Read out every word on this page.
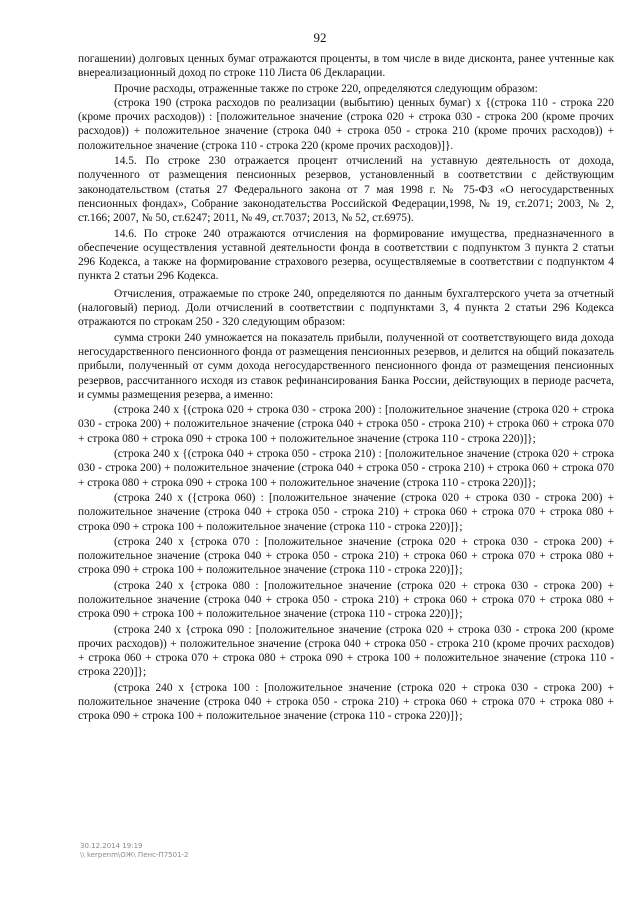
92

погашении) долговых ценных бумаг отражаются проценты, в том числе в виде дисконта, ранее учтенные как внереализационный доход по строке 110 Листа 06 Декларации.

Прочие расходы, отраженные также по строке 220, определяются следующим образом:

(строка 190 (строка расходов по реализации (выбытию) ценных бумаг) x {(строка 110 - строка 220 (кроме прочих расходов)) : [положительное значение (строка 020 + строка 030 - строка 200 (кроме прочих расходов)) + положительное значение (строка 040 + строка 050 - строка 210 (кроме прочих расходов)) + положительное значение (строка 110 - строка 220 (кроме прочих расходов)]}.

14.5. По строке 230 отражается процент отчислений на уставную деятельность от дохода, полученного от размещения пенсионных резервов, установленный в соответствии с действующим законодательством (статья 27 Федерального закона от 7 мая 1998 г. № 75-ФЗ «О негосударственных пенсионных фондах», Собрание законодательства Российской Федерации,1998, № 19, ст.2071; 2003, № 2, ст.166; 2007, № 50, ст.6247; 2011, № 49, ст.7037; 2013, № 52, ст.6975).

14.6. По строке 240 отражаются отчисления на формирование имущества, предназначенного в обеспечение осуществления уставной деятельности фонда в соответствии с подпунктом 3 пункта 2 статьи 296 Кодекса, а также на формирование страхового резерва, осуществляемые в соответствии с подпунктом 4 пункта 2 статьи 296 Кодекса.

Отчисления, отражаемые по строке 240, определяются по данным бухгалтерского учета за отчетный (налоговый) период. Доли отчислений в соответствии с подпунктами 3, 4 пункта 2 статьи 296 Кодекса отражаются по строкам 250 - 320 следующим образом:

сумма строки 240 умножается на показатель прибыли, полученной от соответствующего вида дохода негосударственного пенсионного фонда от размещения пенсионных резервов, и делится на общий показатель прибыли, полученный от сумм дохода негосударственного пенсионного фонда от размещения пенсионных резервов, рассчитанного исходя из ставок рефинансирования Банка России, действующих в периоде расчета, и суммы размещения резерва, а именно:

(строка 240 x {(строка 020 + строка 030 - строка 200) : [положительное значение (строка 020 + строка 030 - строка 200) + положительное значение (строка 040 + строка 050 - строка 210) + строка 060 + строка 070 + строка 080 + строка 090 + строка 100 + положительное значение (строка 110 - строка 220)]};

(строка 240 x {(строка 040 + строка 050 - строка 210) : [положительное значение (строка 020 + строка 030 - строка 200) + положительное значение (строка 040 + строка 050 - строка 210) + строка 060 + строка 070 + строка 080 + строка 090 + строка 100 + положительное значение (строка 110 - строка 220)]};

(строка 240 x ({строка 060) : [положительное значение (строка 020 + строка 030 - строка 200) + положительное значение (строка 040 + строка 050 - строка 210) + строка 060 + строка 070 + строка 080 + строка 090 + строка 100 + положительное значение (строка 110 - строка 220)]};

(строка 240 x {строка 070 : [положительное значение (строка 020 + строка 030 - строка 200) + положительное значение (строка 040 + строка 050 - строка 210) + строка 060 + строка 070 + строка 080 + строка 090 + строка 100 + положительное значение (строка 110 - строка 220)]};

(строка 240 x {строка 080 : [положительное значение (строка 020 + строка 030 - строка 200) + положительное значение (строка 040 + строка 050 - строка 210) + строка 060 + строка 070 + строка 080 + строка 090 + строка 100 + положительное значение (строка 110 - строка 220)]};

(строка 240 x {строка 090 : [положительное значение (строка 020 + строка 030 - строка 200 (кроме прочих расходов)) + положительное значение (строка 040 + строка 050 - строка 210 (кроме прочих расходов) + строка 060 + строка 070 + строка 080 + строка 090 + строка 100 + положительное значение (строка 110 - строка 220)]};

(строка 240 x {строка 100 : [положительное значение (строка 020 + строка 030 - строка 200) + положительное значение (строка 040 + строка 050 - строка 210) + строка 060 + строка 070 + строка 080 + строка 090 + строка 100 + положительное значение (строка 110 - строка 220)]};

30.12.2014 19:19
\\ kerpenm\ОЖ\ Пенс-П7501-2
